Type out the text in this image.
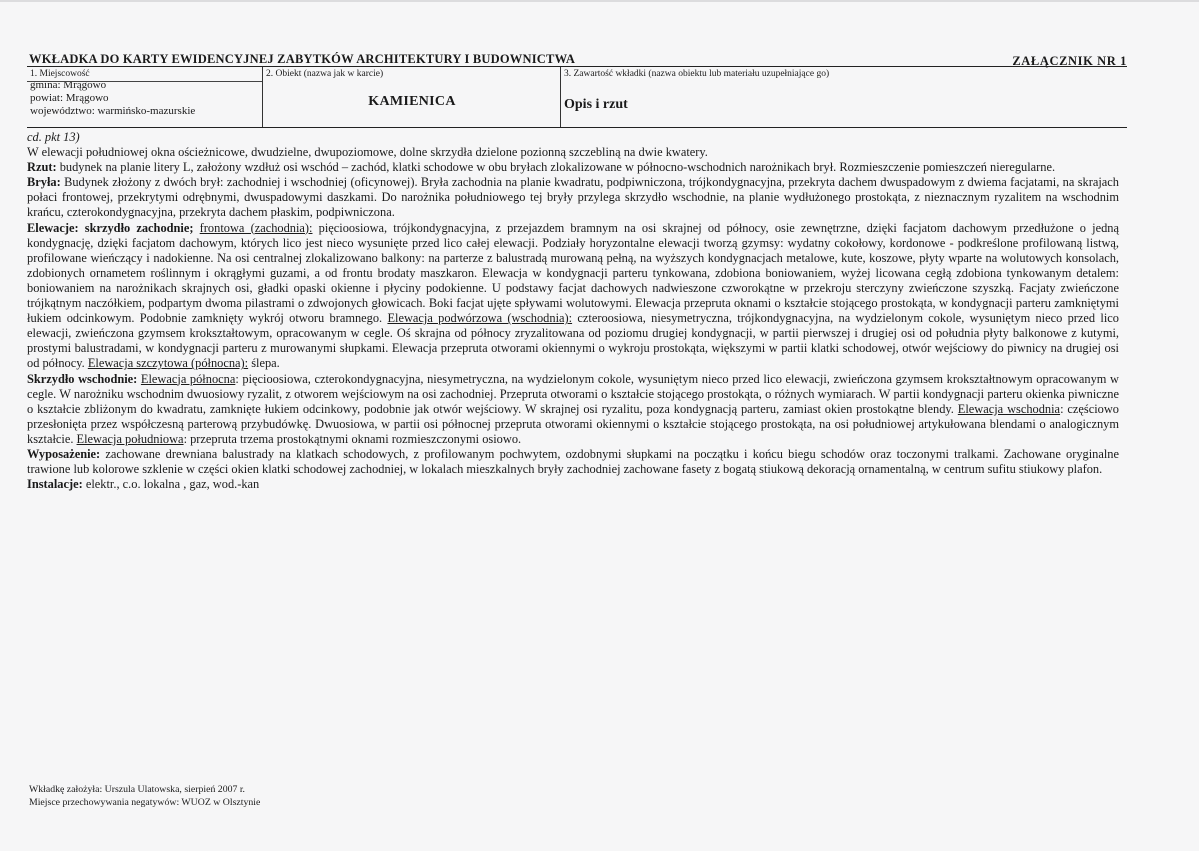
WKŁADKA DO KARTY EWIDENCYJNEJ ZABYTKÓW ARCHITEKTURY I BUDOWNICTWA	ZAŁĄCZNIK NR 1
1. Miejscowość
gmina: Mrągowo
powiat: Mrągowo
województwo: warmińsko-mazurskie
2. Obiekt (nazwa jak w karcie)
KAMIENICA
3. Zawartość wkładki (nazwa obiektu lub materiału uzupełniające go)
Opis i rzut

cd. pkt 13)

W elewacji południowej okna ościeżnicowe, dwudzielne, dwupoziomowe, dolne skrzydła dzielone pozionną szczebliną na dwie kwatery.

Rzut: budynek na planie litery L, założony wzdłuż osi wschód – zachód, klatki schodowe w obu bryłach zlokalizowane w północno-wschodnich narożnikach brył. Rozmieszczenie pomieszczeń nieregularne.

Bryła: Budynek złożony z dwóch brył: zachodniej i wschodniej (oficynowej). Bryła zachodnia na planie kwadratu, podpiwniczona, trójkondygnacyjna, przekryta dachem dwuspadowym z dwiema facjatami, na skrajach połaci frontowej, przekrytymi odrębnymi, dwuspadowymi daszkami. Do narożnika południowego tej bryły przylega skrzydło wschodnie, na planie wydłużonego prostokąta, z nieznacznym ryzalitem na wschodnim krańcu, czterokondygnacyjna, przekryta dachem płaskim, podpiwniczona.

Elewacje: skrzydło zachodnie; frontowa (zachodnia): pięcioosiowa, trójkondygnacyjna, z przejazdem bramnym na osi skrajnej od północy, osie zewnętrzne, dzięki facjatom dachowym przedłużone o jedną kondygnację, dzięki facjatom dachowym, których lico jest nieco wysunięte przed lico całej elewacji. Podziały horyzontalne elewacji tworzą gzymsy: wydatny cokołowy, kordonowe - podkreślone profilowaną listwą, profilowane wieńczący i nadokienne. Na osi centralnej zlokalizowano balkony: na parterze z balustradą murowaną pełną, na wyższych kondygnacjach metalowe, kute, koszowe, płyty wparte na wolutowych konsolach, zdobionych ornametem roślinnym i okrągłymi guzami, a od frontu brodaty maszkaron. Elewacja w kondygnacji parteru tynkowana, zdobiona boniowaniem, wyżej licowana cegłą zdobiona tynkowanym detalem: boniowaniem na narożnikach skrajnych osi, gładki opaski okienne i płyciny podokienne. U podstawy facjat dachowych nadwieszone czworokątne w przekroju sterczyny zwieńczone szyszką. Facjaty zwieńczone trójkątnym naczółkiem, podpartym dwoma pilastrami o zdwojonych głowicach. Boki facjat ujęte spływami wolutowymi. Elewacja przepruta oknami o kształcie stojącego prostokąta, w kondygnacji parteru zamkniętymi łukiem odcinkowym. Podobnie zamknięty wykrój otworu bramnego. Elewacja podwórzowa (wschodnia): czteroosiowa, niesymetryczna, trójkondygnacyjna, na wydzielonym cokole, wysuniętym nieco przed lico elewacji, zwieńczona gzymsem krokształtowym, opracowanym w cegle. Oś skrajna od północy zryzalitowana od poziomu drugiej kondygnacji, w partii pierwszej i drugiej osi od południa płyty balkonowe z kutymi, prostymi balustradami, w kondygnacji parteru z murowanymi słupkami. Elewacja przepruta otworami okiennymi o wykroju prostokąta, większymi w partii klatki schodowej, otwór wejściowy do piwnicy na drugiej osi od północy. Elewacja szczytowa (północna): ślepa.

Skrzydło wschodnie: Elewacja północna: pięcioosiowa, czterokondygnacyjna, niesymetryczna, na wydzielonym cokole, wysuniętym nieco przed lico elewacji, zwieńczona gzymsem krokształtnowym opracowanym w cegle. W narożniku wschodnim dwuosiowy ryzalit, z otworem wejściowym na osi zachodniej. Przepruta otworami o kształcie stojącego prostokąta, o różnych wymiarach. W partii kondygnacji parteru okienka piwniczne o kształcie zbliżonym do kwadratu, zamknięte łukiem odcinkowy, podobnie jak otwór wejściowy. W skrajnej osi ryzalitu, poza kondygnacją parteru, zamiast okien prostokątne blendy. Elewacja wschodnia: częściowo przesłonięta przez współczesną parterową przybudówkę. Dwuosiowa, w partii osi północnej przepruta otworami okiennymi o kształcie stojącego prostokąta, na osi południowej artykułowana blendami o analogicznym kształcie. Elewacja południowa: przepruta trzema prostokątnymi oknami rozmieszczonymi osiowo.

Wyposażenie: zachowane drewniana balustrady na klatkach schodowych, z profilowanym pochwytem, ozdobnymi słupkami na początku i końcu biegu schodów oraz toczonymi tralkami. Zachowane oryginalne trawione lub kolorowe szklenie w części okien klatki schodowej zachodniej, w lokalach mieszkalnych bryły zachodniej zachowane fasety z bogatą stiukową dekoracją ornamentalną, w centrum sufitu stiukowy plafon.

Instalacje: elektr., c.o. lokalna , gaz, wod.-kan

Wkładkę założyła: Urszula Ulatowska, sierpień 2007 r.
Miejsce przechowywania negatywów: WUOZ w Olsztynie
